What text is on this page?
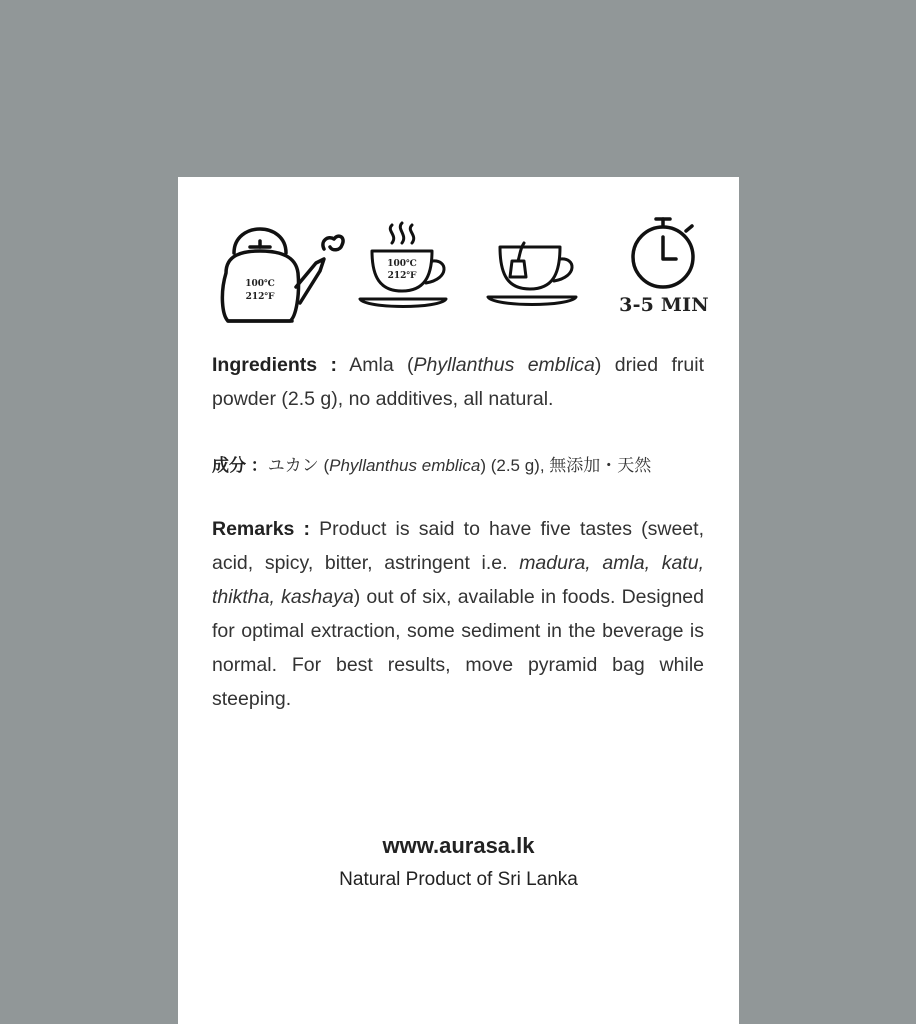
100℃
212℉
100℃
212℉
3-5 MIN
Ingredients : Amla (Phyllanthus emblica) dried fruit powder (2.5 g), no additives, all natural.
成分 ：ユカン (Phyllanthus emblica) (2.5 g), 無添加・天然
Remarks : Product is said to have five tastes (sweet, acid, spicy, bitter, astringent i.e. madura, amla, katu, thiktha, kashaya) out of six, available in foods. Designed for optimal extraction, some sediment in the beverage is normal. For best results, move pyramid bag while steeping.
www.aurasa.lk
Natural Product of Sri Lanka
